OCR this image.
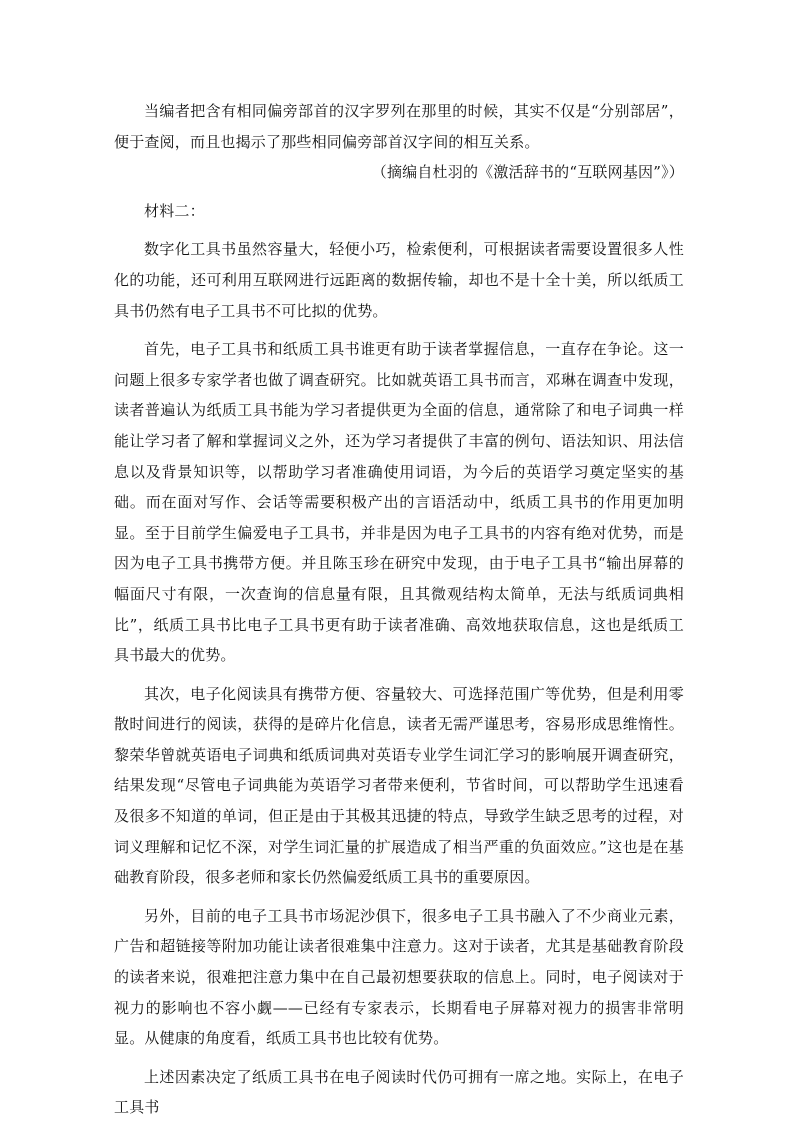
当编者把含有相同偏旁部首的汉字罗列在那里的时候，其实不仅是“分别部居”，便于查阅，而且也揭示了那些相同偏旁部首汉字间的相互关系。

（摘编自杜羽的《激活辞书的“互联网基因”》）

材料二：

数字化工具书虽然容量大，轻便小巧，检索便利，可根据读者需要设置很多人性化的功能，还可利用互联网进行远距离的数据传输，却也不是十全十美，所以纸质工具书仍然有电子工具书不可比拟的优势。

首先，电子工具书和纸质工具书谁更有助于读者掌握信息，一直存在争论。这一问题上很多专家学者也做了调查研究。比如就英语工具书而言，邓琳在调查中发现，读者普遍认为纸质工具书能为学习者提供更为全面的信息，通常除了和电子词典一样能让学习者了解和掌握词义之外，还为学习者提供了丰富的例句、语法知识、用法信息以及背景知识等，以帮助学习者准确使用词语，为今后的英语学习奠定坚实的基础。而在面对写作、会话等需要积极产出的言语活动中，纸质工具书的作用更加明显。至于目前学生偏爱电子工具书，并非是因为电子工具书的内容有绝对优势，而是因为电子工具书携带方便。并且陈玉珍在研究中发现，由于电子工具书“输出屏幕的幅面尺寸有限，一次查询的信息量有限，且其微观结构太简单，无法与纸质词典相比”，纸质工具书比电子工具书更有助于读者准确、高效地获取信息，这也是纸质工具书最大的优势。

其次，电子化阅读具有携带方便、容量较大、可选择范围广等优势，但是利用零散时间进行的阅读，获得的是碎片化信息，读者无需严谨思考，容易形成思维惰性。黎荣华曾就英语电子词典和纸质词典对英语专业学生词汇学习的影响展开调查研究，结果发现“尽管电子词典能为英语学习者带来便利，节省时间，可以帮助学生迅速看及很多不知道的单词，但正是由于其极其迅捷的特点，导致学生缺乏思考的过程，对词义理解和记忆不深，对学生词汇量的扩展造成了相当严重的负面效应。”这也是在基础教育阶段，很多老师和家长仍然偏爱纸质工具书的重要原因。

另外，目前的电子工具书市场泥沙俱下，很多电子工具书融入了不少商业元素，广告和超链接等附加功能让读者很难集中注意力。这对于读者，尤其是基础教育阶段的读者来说，很难把注意力集中在自己最初想要获取的信息上。同时，电子阅读对于视力的影响也不容小觑——已经有专家表示，长期看电子屏幕对视力的损害非常明显。从健康的角度看，纸质工具书也比较有优势。

上述因素决定了纸质工具书在电子阅读时代仍可拥有一席之地。实际上，在电子工具书
